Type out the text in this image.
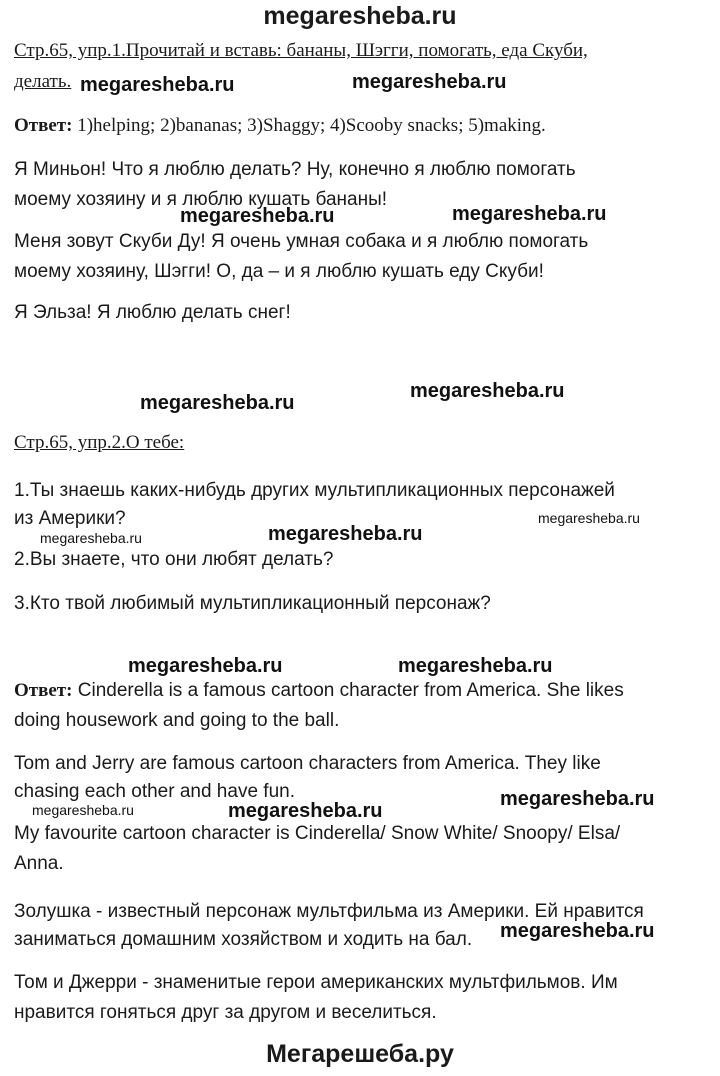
megaresheba.ru
Стр.65, упр.1.Прочитай и вставь: бананы, Шэгги, помогать, еда Скуби,
делать.
Ответ: 1)helping; 2)bananas; 3)Shaggy; 4)Scooby snacks; 5)making.
Я Миньон! Что я люблю делать? Ну, конечно я люблю помогать
моему хозяину и я люблю кушать бананы!
Меня зовут Скуби Ду! Я очень умная собака и я люблю помогать
моему хозяину, Шэгги! О, да – и я люблю кушать еду Скуби!
Я Эльза! Я люблю делать снег!
Стр.65, упр.2.О тебе:
1.Ты знаешь каких-нибудь других мультипликационных персонажей
из Америки?
2.Вы знаете, что они любят делать?
3.Кто твой любимый мультипликационный персонаж?
Ответ: Cinderella is a famous cartoon character from America. She likes
doing housework and going to the ball.
Tom and Jerry are famous cartoon characters from America. They like
chasing each other and have fun.
My favourite cartoon character is Cinderella/ Snow White/ Snoopy/ Elsa/
Anna.
Золушка - известный персонаж мультфильма из Америки. Ей нравится
заниматься домашним хозяйством и ходить на бал.
Том и Джерри - знаменитые герои американских мультфильмов. Им
нравится гоняться друг за другом и веселиться.
megaresheba.ru	megaresheba.ru
megaresheba.ru	megaresheba.ru
megaresheba.ru
megaresheba.ru
megaresheba.ru
megaresheba.ru	megaresheba.ru
megaresheba.ru	megaresheba.ru
megaresheba.ru	megaresheba.ru
megaresheba.ru
megaresheba.ru
Мегарешеба.ру
